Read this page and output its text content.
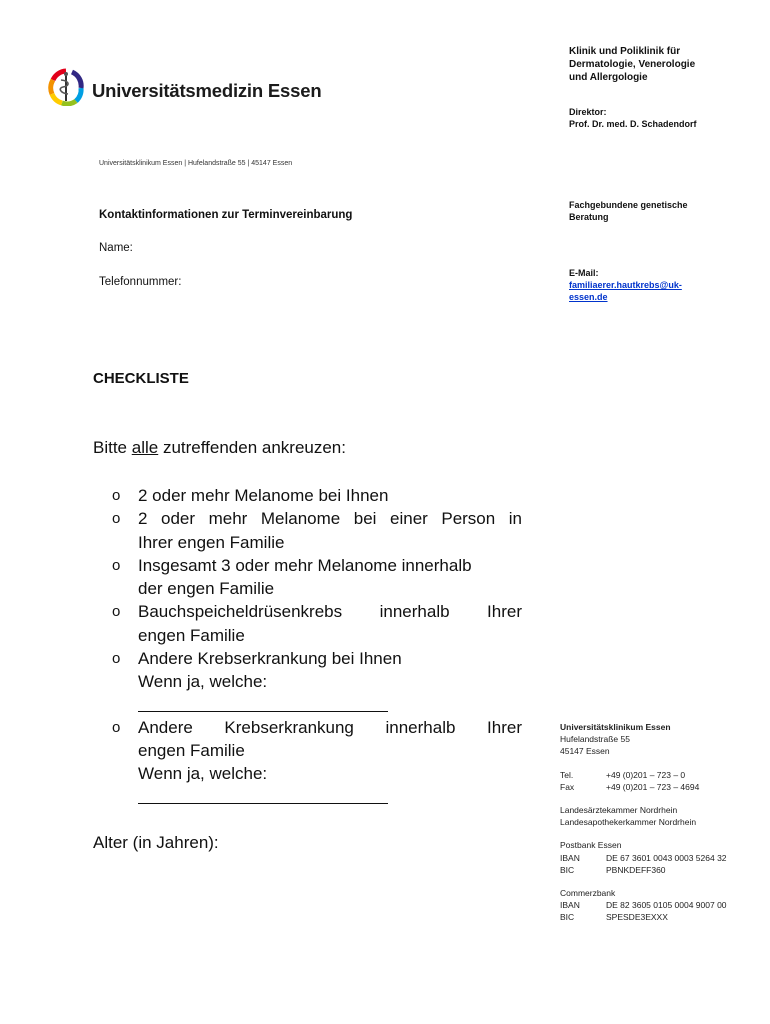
Universitätsmedizin Essen
Klinik und Poliklinik für
Dermatologie, Venerologie
und Allergologie
Direktor:
Prof. Dr. med. D. Schadendorf
Universitätsklinikum Essen | Hufelandstraße 55 | 45147 Essen
Kontaktinformationen zur Terminvereinbarung
Name:
Telefonnummer:
Fachgebundene genetische
Beratung
E-Mail:
familiaerer.hautkrebs@uk-
essen.de
CHECKLISTE
Bitte alle zutreffenden ankreuzen:
o 2 oder mehr Melanome bei Ihnen
o 2 oder mehr Melanome bei einer Person in
Ihrer engen Familie
o Insgesamt 3 oder mehr Melanome innerhalb
der engen Familie
o Bauchspeicheldrüsenkrebs innerhalb Ihrer
engen Familie
o Andere Krebserkrankung bei Ihnen
Wenn ja, welche:
o Andere Krebserkrankung innerhalb Ihrer
engen Familie
Wenn ja, welche:
Alter (in Jahren):
Universitätsklinikum Essen
Hufelandstraße 55
45147 Essen
Tel.	+49 (0)201 – 723 – 0
Fax	+49 (0)201 – 723 – 4694
Landesärztekammer Nordrhein
Landesapothekerkammer Nordrhein
Postbank Essen
IBAN	DE 67 3601 0043 0003 5264 32
BIC	PBNKDEFF360
Commerzbank
IBAN	DE 82 3605 0105 0004 9007 00
BIC	SPESDE3EXXX
